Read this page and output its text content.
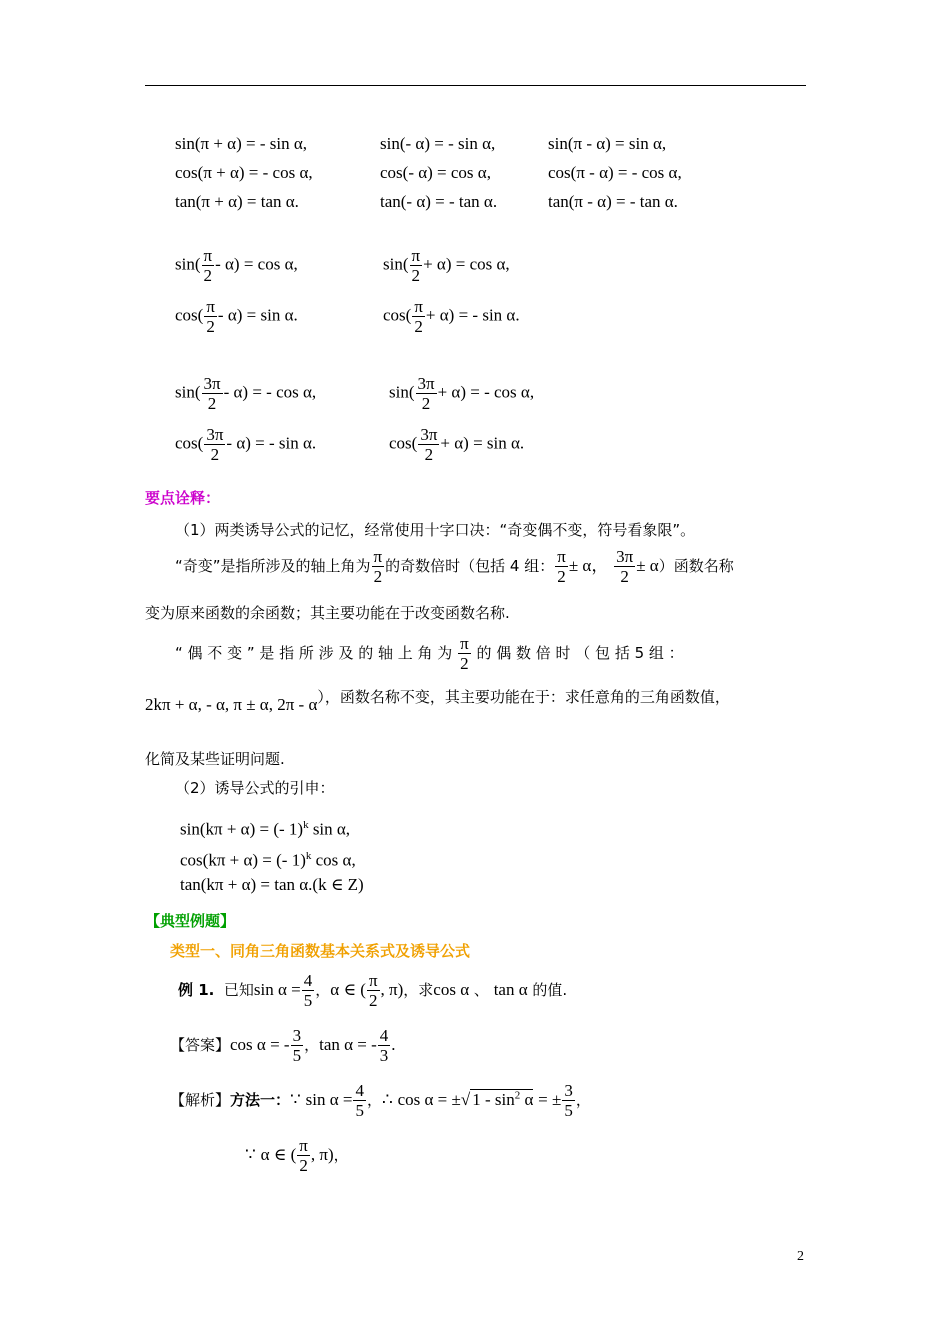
sin(π + α) = - sin α,	sin(- α) = - sin α,	sin(π - α) = sin α,
cos(π + α) = - cos α,	cos(- α) = cos α,	cos(π - α) = - cos α,
tan(π + α) = tan α.	tan(- α) = - tan α.	tan(π - α) = - tan α.
$\sin( \frac{\pi}{2} - \alpha) = \cos \alpha$,	$\sin( \frac{\pi}{2} + \alpha) = \cos \alpha$,
$\cos( \frac{\pi}{2} - \alpha) = \sin \alpha$.	$\cos( \frac{\pi}{2} + \alpha)$ = - sin α.
$\sin( \frac{3\pi}{2} - \alpha)$ = - cos α,	$\sin( \frac{3\pi}{2} + \alpha)$ = - cos α,
$\cos( \frac{3\pi}{2} - \alpha)$ = - sin α.	$\cos( \frac{3\pi}{2} + \alpha) = \sin \alpha$.
要点诠释：
（1）两类诱导公式的记忆，经常使用十字口决：“奇变偶不变，符号看象限”。
“奇变”是指所涉及的轴上角为 $\frac{\pi}{2}$ 的奇数倍时（包括 4 组： $\frac{\pi}{2} \pm \alpha$， $\frac{3\pi}{2} \pm \alpha$）函数名称
变为原来函数的余函数；其主要功能在于改变函数名称.
“ 偶 不 变 ” 是 指 所 涉 及 的 轴 上 角 为 $\frac{\pi}{2}$ 的 偶 数 倍 时 （ 包 括 5 组 ：
2kπ + α, - α, π ± α, 2π - α），函数名称不变，其主要功能在于：求任意角的三角函数值，
化简及某些证明问题.
（2）诱导公式的引申：
sin(kπ + α) = (- 1)$^k$ sin α,
cos(kπ + α) = (- 1)$^k$ cos α,
tan(kπ + α) = tan α.(k ∈ Z)
【典型例题】
类型一、同角三角函数基本关系式及诱导公式
例 1. 已知$\sin \alpha = \frac{4}{5}$ ，α ∈ ( $\frac{\pi}{2}$ , π)，求cos α 、 tan α 的值.
【答案】cos α = - $\frac{3}{5}$ ，tan α = - $\frac{4}{3}$ .
【解析】方法一：∵ $\sin \alpha = \frac{4}{5}$ ，∴ cos α = ±√ $1 - \sin^2 \alpha$ = ± $\frac{3}{5}$ ，
∵ α ∈ ( $\frac{\pi}{2}$ , π)，
2
